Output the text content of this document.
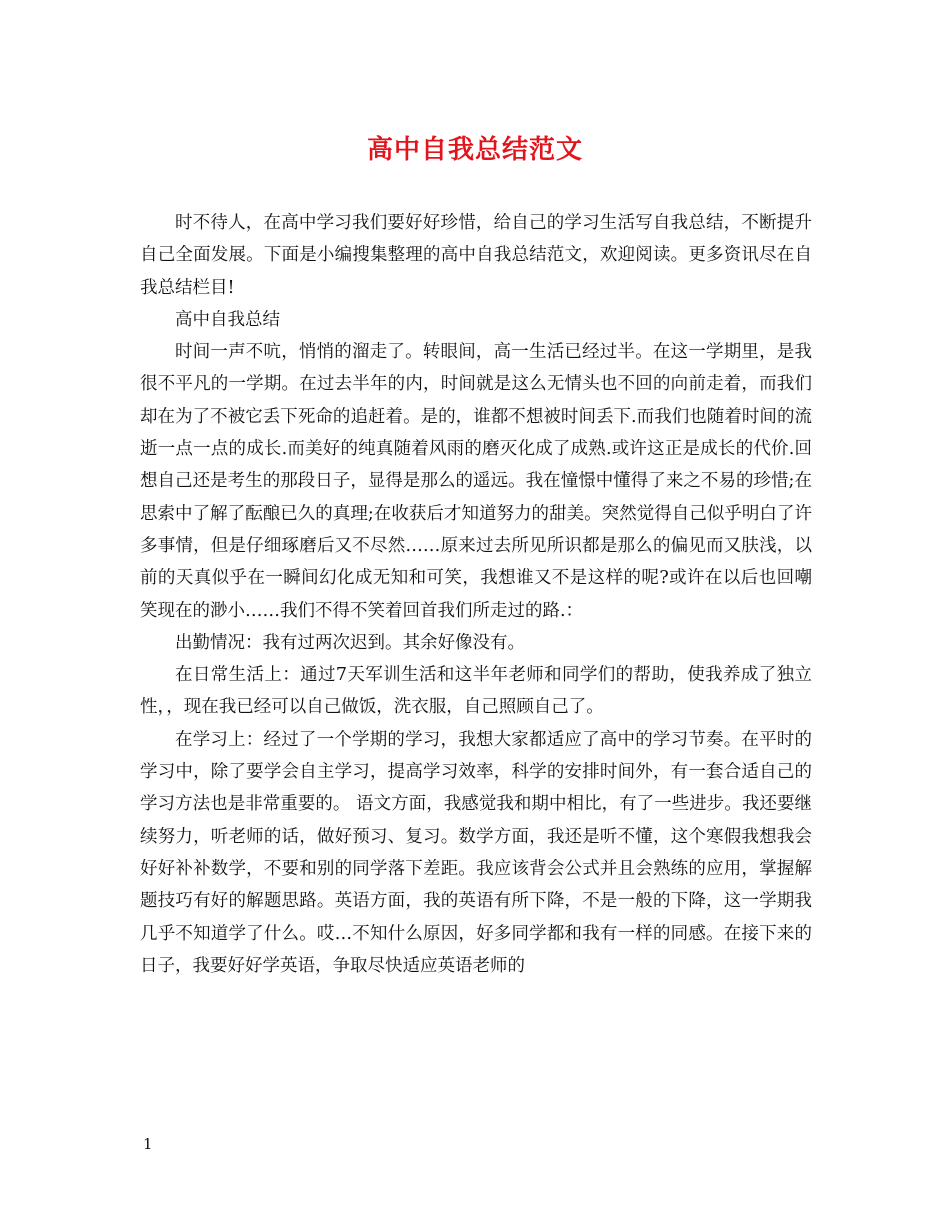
高中自我总结范文

时不待人，在高中学习我们要好好珍惜，给自己的学习生活写自我总结，不断提升自己全面发展。下面是小编搜集整理的高中自我总结范文，欢迎阅读。更多资讯尽在自我总结栏目!

高中自我总结

时间一声不吭，悄悄的溜走了。转眼间，高一生活已经过半。在这一学期里，是我很不平凡的一学期。在过去半年的内，时间就是这么无情头也不回的向前走着，而我们却在为了不被它丢下死命的追赶着。是的，谁都不想被时间丢下.而我们也随着时间的流逝一点一点的成长.而美好的纯真随着风雨的磨灭化成了成熟.或许这正是成长的代价.回想自己还是考生的那段日子，显得是那么的遥远。我在憧憬中懂得了来之不易的珍惜;在思索中了解了酝酿已久的真理;在收获后才知道努力的甜美。突然觉得自己似乎明白了许多事情，但是仔细琢磨后又不尽然……原来过去所见所识都是那么的偏见而又肤浅，以前的天真似乎在一瞬间幻化成无知和可笑，我想谁又不是这样的呢?或许在以后也回嘲笑现在的渺小……我们不得不笑着回首我们所走过的路.：

出勤情况：我有过两次迟到。其余好像没有。

在日常生活上：通过7天军训生活和这半年老师和同学们的帮助，使我养成了独立性，，现在我已经可以自己做饭，洗衣服，自己照顾自己了。

在学习上：经过了一个学期的学习，我想大家都适应了高中的学习节奏。在平时的学习中，除了要学会自主学习，提高学习效率，科学的安排时间外，有一套合适自己的学习方法也是非常重要的。 语文方面，我感觉我和期中相比，有了一些进步。我还要继续努力，听老师的话，做好预习、复习。数学方面，我还是听不懂，这个寒假我想我会好好补补数学，不要和别的同学落下差距。我应该背会公式并且会熟练的应用，掌握解题技巧有好的解题思路。英语方面，我的英语有所下降，不是一般的下降，这一学期我几乎不知道学了什么。哎…不知什么原因，好多同学都和我有一样的同感。在接下来的日子，我要好好学英语，争取尽快适应英语老师的

1
